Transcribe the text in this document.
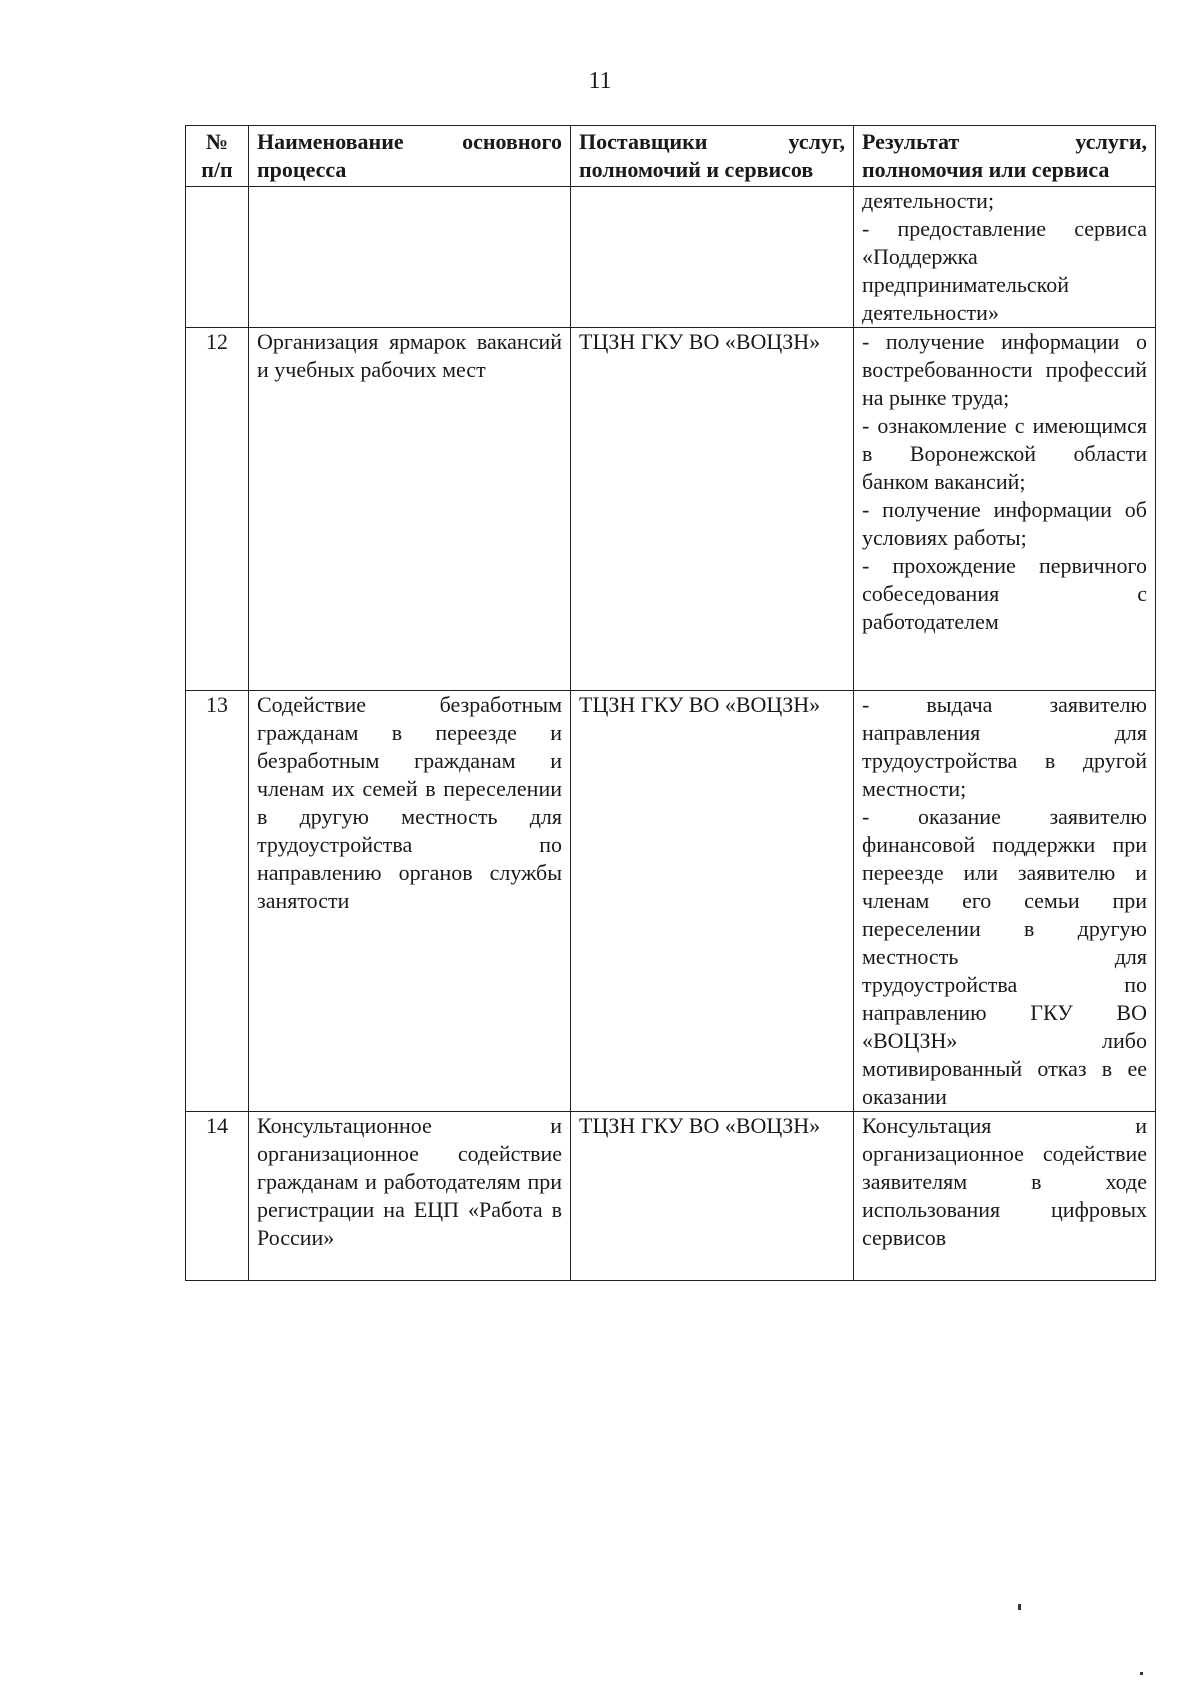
11
№ п/п	Наименование основного процесса	Поставщики услуг, полномочий и сервисов	Результат услуги, полномочия или сервиса
			деятельности;
- предоставление сервиса «Поддержка предпринимательской деятельности»
12	Организация ярмарок вакансий и учебных рабочих мест	ТЦЗН ГКУ ВО «ВОЦЗН»	- получение информации о востребованности профессий на рынке труда;
- ознакомление с имеющимся в Воронежской области банком вакансий;
- получение информации об условиях работы;
- прохождение первичного собеседования с работодателем
13	Содействие безработным гражданам в переезде и безработным гражданам и членам их семей в переселении в другую местность для трудоустройства по направлению органов службы занятости	ТЦЗН ГКУ ВО «ВОЦЗН»	- выдача заявителю направления для трудоустройства в другой местности;
- оказание заявителю финансовой поддержки при переезде или заявителю и членам его семьи при переселении в другую местность для трудоустройства по направлению ГКУ ВО «ВОЦЗН» либо мотивированный отказ в ее оказании
14	Консультационное и организационное содействие гражданам и работодателям при регистрации на ЕЦП «Работа в России»	ТЦЗН ГКУ ВО «ВОЦЗН»	Консультация и организационное содействие заявителям в ходе использования цифровых сервисов
